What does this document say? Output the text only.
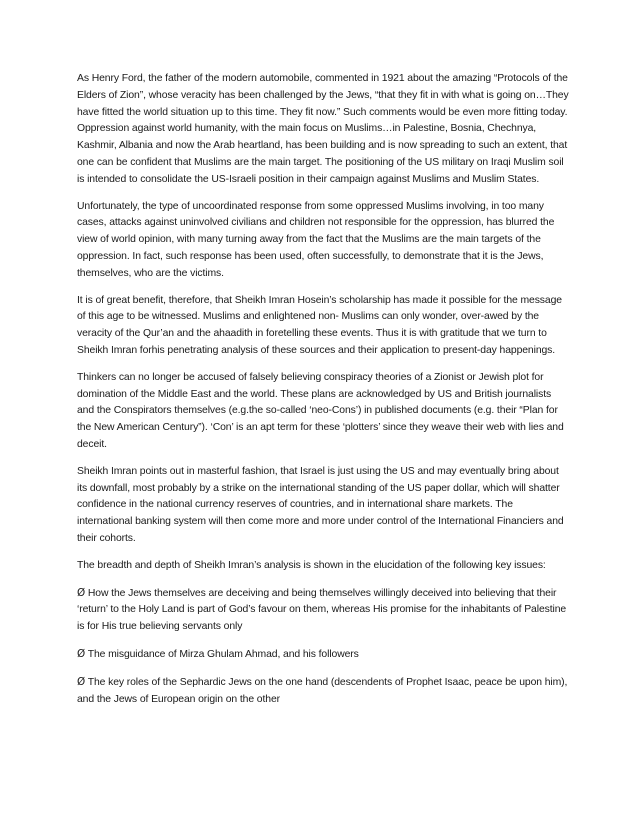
As Henry Ford, the father of the modern automobile, commented in 1921 about the amazing “Protocols of the Elders of Zion”, whose veracity has been challenged by the Jews, “that they fit in with what is going on…They have fitted the world situation up to this time. They fit now.” Such comments would be even more fitting today. Oppression against world humanity, with the main focus on Muslims…in Palestine, Bosnia, Chechnya, Kashmir, Albania and now the Arab heartland, has been building and is now spreading to such an extent, that one can be confident that Muslims are the main target. The positioning of the US military on Iraqi Muslim soil is intended to consolidate the US-Israeli position in their campaign against Muslims and Muslim States.

Unfortunately, the type of uncoordinated response from some oppressed Muslims involving, in too many cases, attacks against uninvolved civilians and children not responsible for the oppression, has blurred the view of world opinion, with many turning away from the fact that the Muslims are the main targets of the oppression. In fact, such response has been used, often successfully, to demonstrate that it is the Jews, themselves, who are the victims.

It is of great benefit, therefore, that Sheikh Imran Hosein’s scholarship has made it possible for the message of this age to be witnessed. Muslims and enlightened non- Muslims can only wonder, over-awed by the veracity of the Qur’an and the ahaadith in foretelling these events. Thus it is with gratitude that we turn to Sheikh Imran forhis penetrating analysis of these sources and their application to present-day happenings.

Thinkers can no longer be accused of falsely believing conspiracy theories of a Zionist or Jewish plot for domination of the Middle East and the world. These plans are acknowledged by US and British journalists and the Conspirators themselves (e.g.the so-called ‘neo-Cons’) in published documents (e.g. their “Plan for the New American Century”). ‘Con’ is an apt term for these ‘plotters’ since they weave their web with lies and deceit.

Sheikh Imran points out in masterful fashion, that Israel is just using the US and may eventually bring about its downfall, most probably by a strike on the international standing of the US paper dollar, which will shatter confidence in the national currency reserves of countries, and in international share markets. The international banking system will then come more and more under control of the International Financiers and their cohorts.

The breadth and depth of Sheikh Imran’s analysis is shown in the elucidation of the following key issues:

Ø How the Jews themselves are deceiving and being themselves willingly deceived into believing that their ‘return’ to the Holy Land is part of God’s favour on them, whereas His promise for the inhabitants of Palestine is for His true believing servants only

Ø The misguidance of Mirza Ghulam Ahmad, and his followers

Ø The key roles of the Sephardic Jews on the one hand (descendents of Prophet Isaac, peace be upon him), and the Jews of European origin on the other
